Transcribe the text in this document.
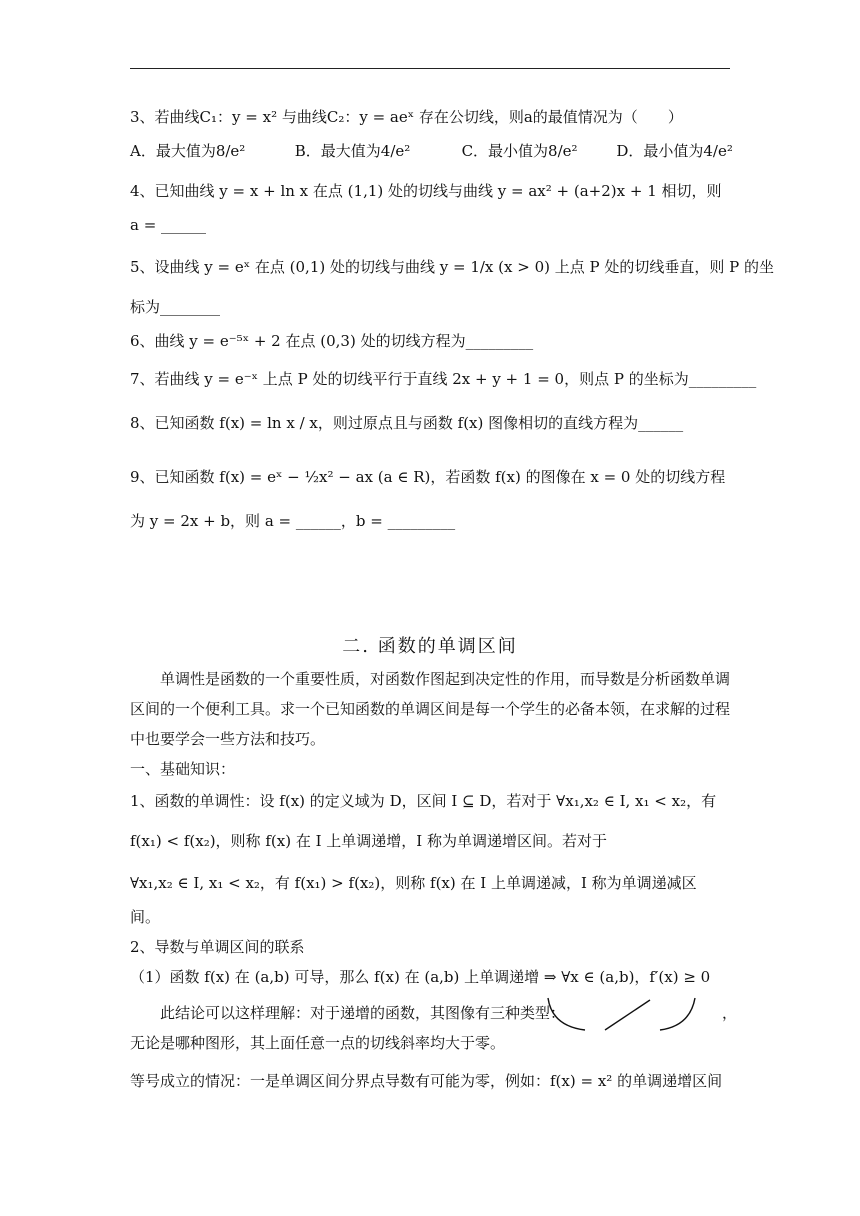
3、若曲线C₁：y = x² 与曲线C₂：y = aeˣ 存在公切线，则a的最值情况为（　　）
A．最大值为8/e²	B．最大值为4/e²	C．最小值为8/e²	D．最小值为4/e²
4、已知曲线 y = x + ln x 在点 (1,1) 处的切线与曲线 y = ax² + (a+2)x + 1 相切，则
a = ______
5、设曲线 y = eˣ 在点 (0,1) 处的切线与曲线 y = 1/x (x > 0) 上点 P 处的切线垂直，则 P 的坐
标为________
6、曲线 y = e⁻⁵ˣ + 2 在点 (0,3) 处的切线方程为_________
7、若曲线 y = e⁻ˣ 上点 P 处的切线平行于直线 2x + y + 1 = 0，则点 P 的坐标为_________
8、已知函数 f(x) = ln x / x，则过原点且与函数 f(x) 图像相切的直线方程为______
9、已知函数 f(x) = eˣ − ½x² − ax (a ∈ R)，若函数 f(x) 的图像在 x = 0 处的切线方程
为 y = 2x + b，则 a = ______，b = _________
二. 函数的单调区间
单调性是函数的一个重要性质，对函数作图起到决定性的作用，而导数是分析函数单调
区间的一个便利工具。求一个已知函数的单调区间是每一个学生的必备本领，在求解的过程
中也要学会一些方法和技巧。
一、基础知识：
1、函数的单调性：设 f(x) 的定义域为 D，区间 I ⊆ D，若对于 ∀x₁,x₂ ∈ I, x₁ < x₂，有
f(x₁) < f(x₂)，则称 f(x) 在 I 上单调递增，I 称为单调递增区间。若对于
∀x₁,x₂ ∈ I, x₁ < x₂，有 f(x₁) > f(x₂)，则称 f(x) 在 I 上单调递减，I 称为单调递减区
间。
2、导数与单调区间的联系
（1）函数 f(x) 在 (a,b) 可导，那么 f(x) 在 (a,b) 上单调递增 ⇒ ∀x ∈ (a,b)，f′(x) ≥ 0
此结论可以这样理解：对于递增的函数，其图像有三种类型：	，
无论是哪种图形，其上面任意一点的切线斜率均大于零。
等号成立的情况：一是单调区间分界点导数有可能为零，例如：f(x) = x² 的单调递增区间
